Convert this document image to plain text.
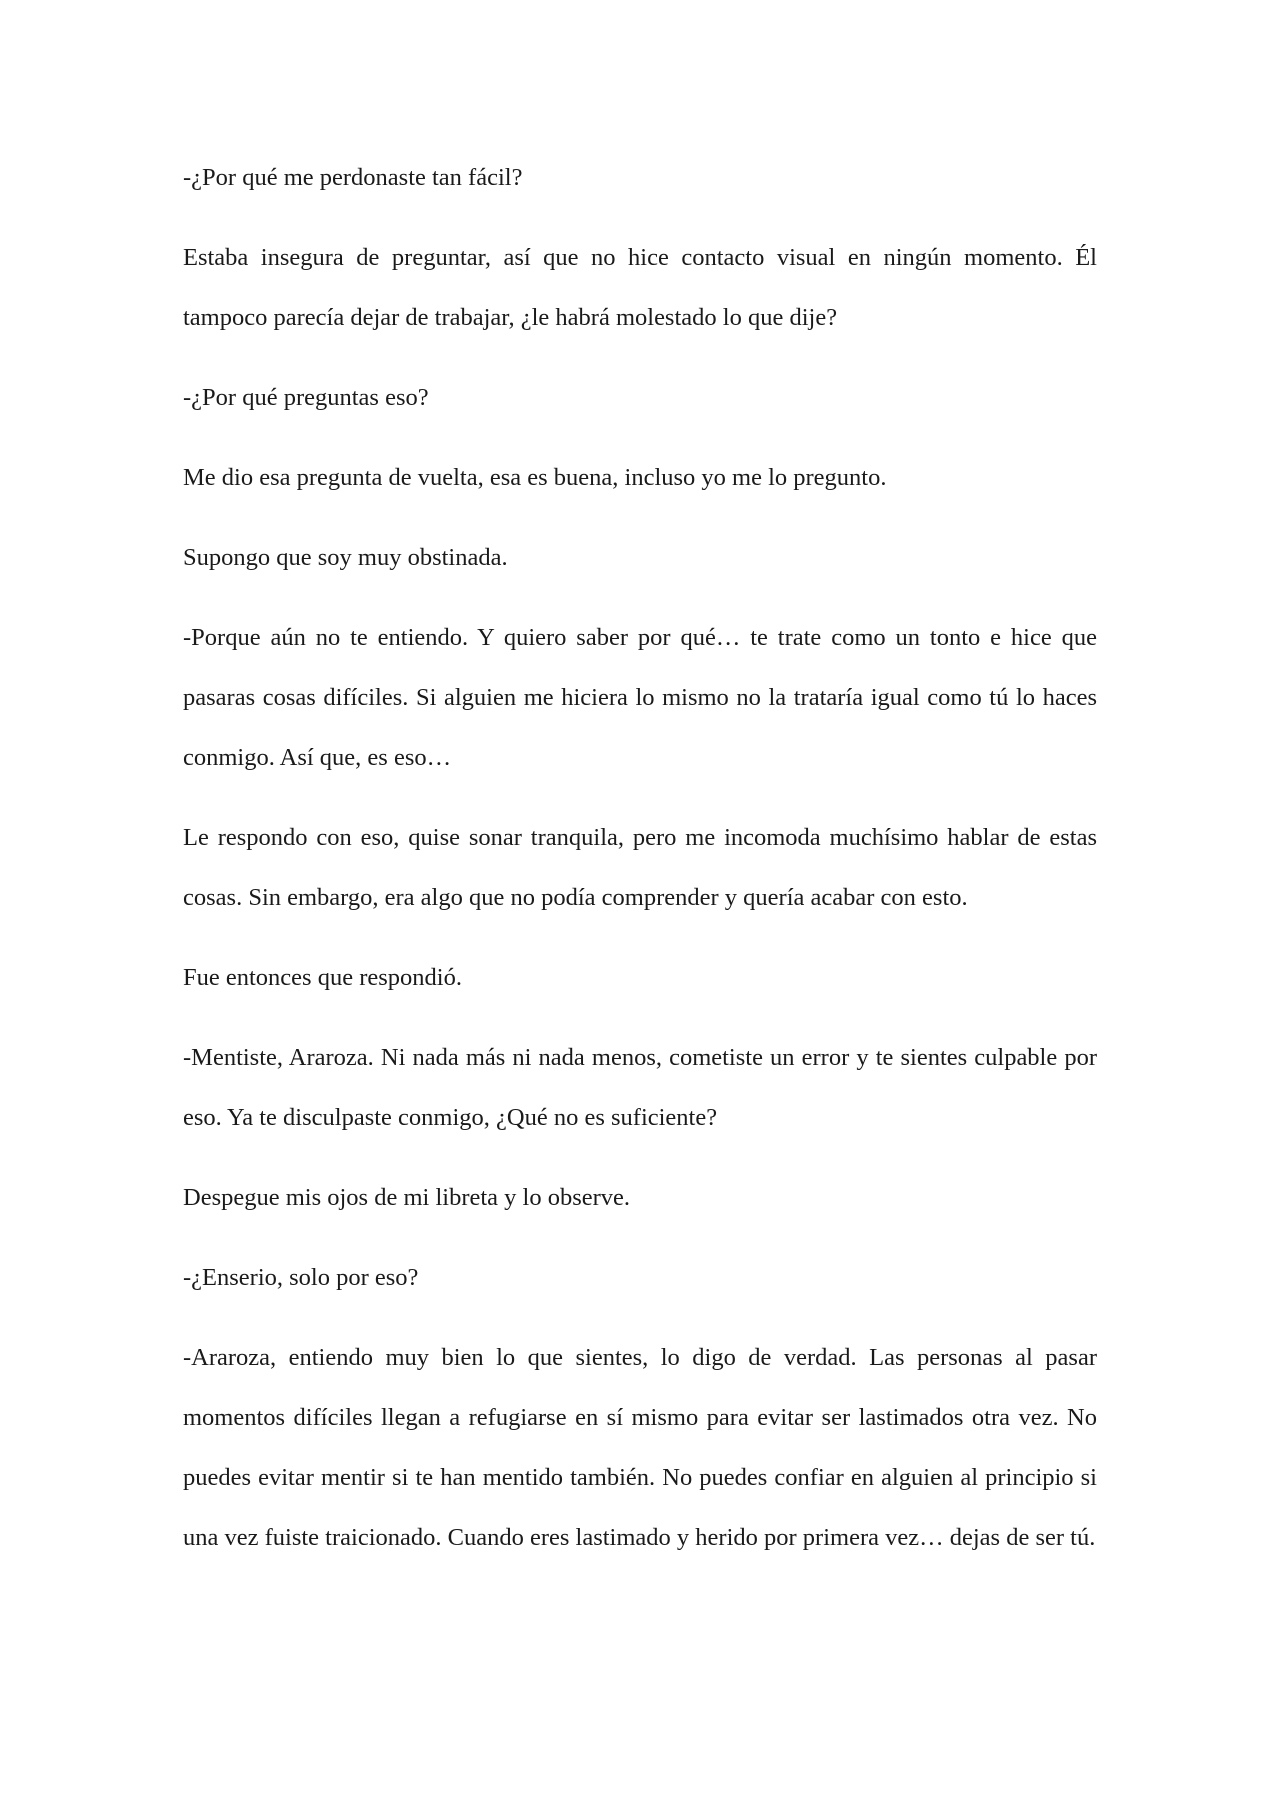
-¿Por qué me perdonaste tan fácil?

Estaba insegura de preguntar, así que no hice contacto visual en ningún momento. Él tampoco parecía dejar de trabajar, ¿le habrá molestado lo que dije?

-¿Por qué preguntas eso?

Me dio esa pregunta de vuelta, esa es buena, incluso yo me lo pregunto.

Supongo que soy muy obstinada.

-Porque aún no te entiendo. Y quiero saber por qué… te trate como un tonto e hice que pasaras cosas difíciles. Si alguien me hiciera lo mismo no la trataría igual como tú lo haces conmigo. Así que, es eso…

Le respondo con eso, quise sonar tranquila, pero me incomoda muchísimo hablar de estas cosas. Sin embargo, era algo que no podía comprender y quería acabar con esto.

Fue entonces que respondió.

-Mentiste, Araroza. Ni nada más ni nada menos, cometiste un error y te sientes culpable por eso. Ya te disculpaste conmigo, ¿Qué no es suficiente?

Despegue mis ojos de mi libreta y lo observe.

-¿Enserio, solo por eso?

-Araroza, entiendo muy bien lo que sientes, lo digo de verdad. Las personas al pasar momentos difíciles llegan a refugiarse en sí mismo para evitar ser lastimados otra vez. No puedes evitar mentir si te han mentido también. No puedes confiar en alguien al principio si una vez fuiste traicionado. Cuando eres lastimado y herido por primera vez… dejas de ser tú.
